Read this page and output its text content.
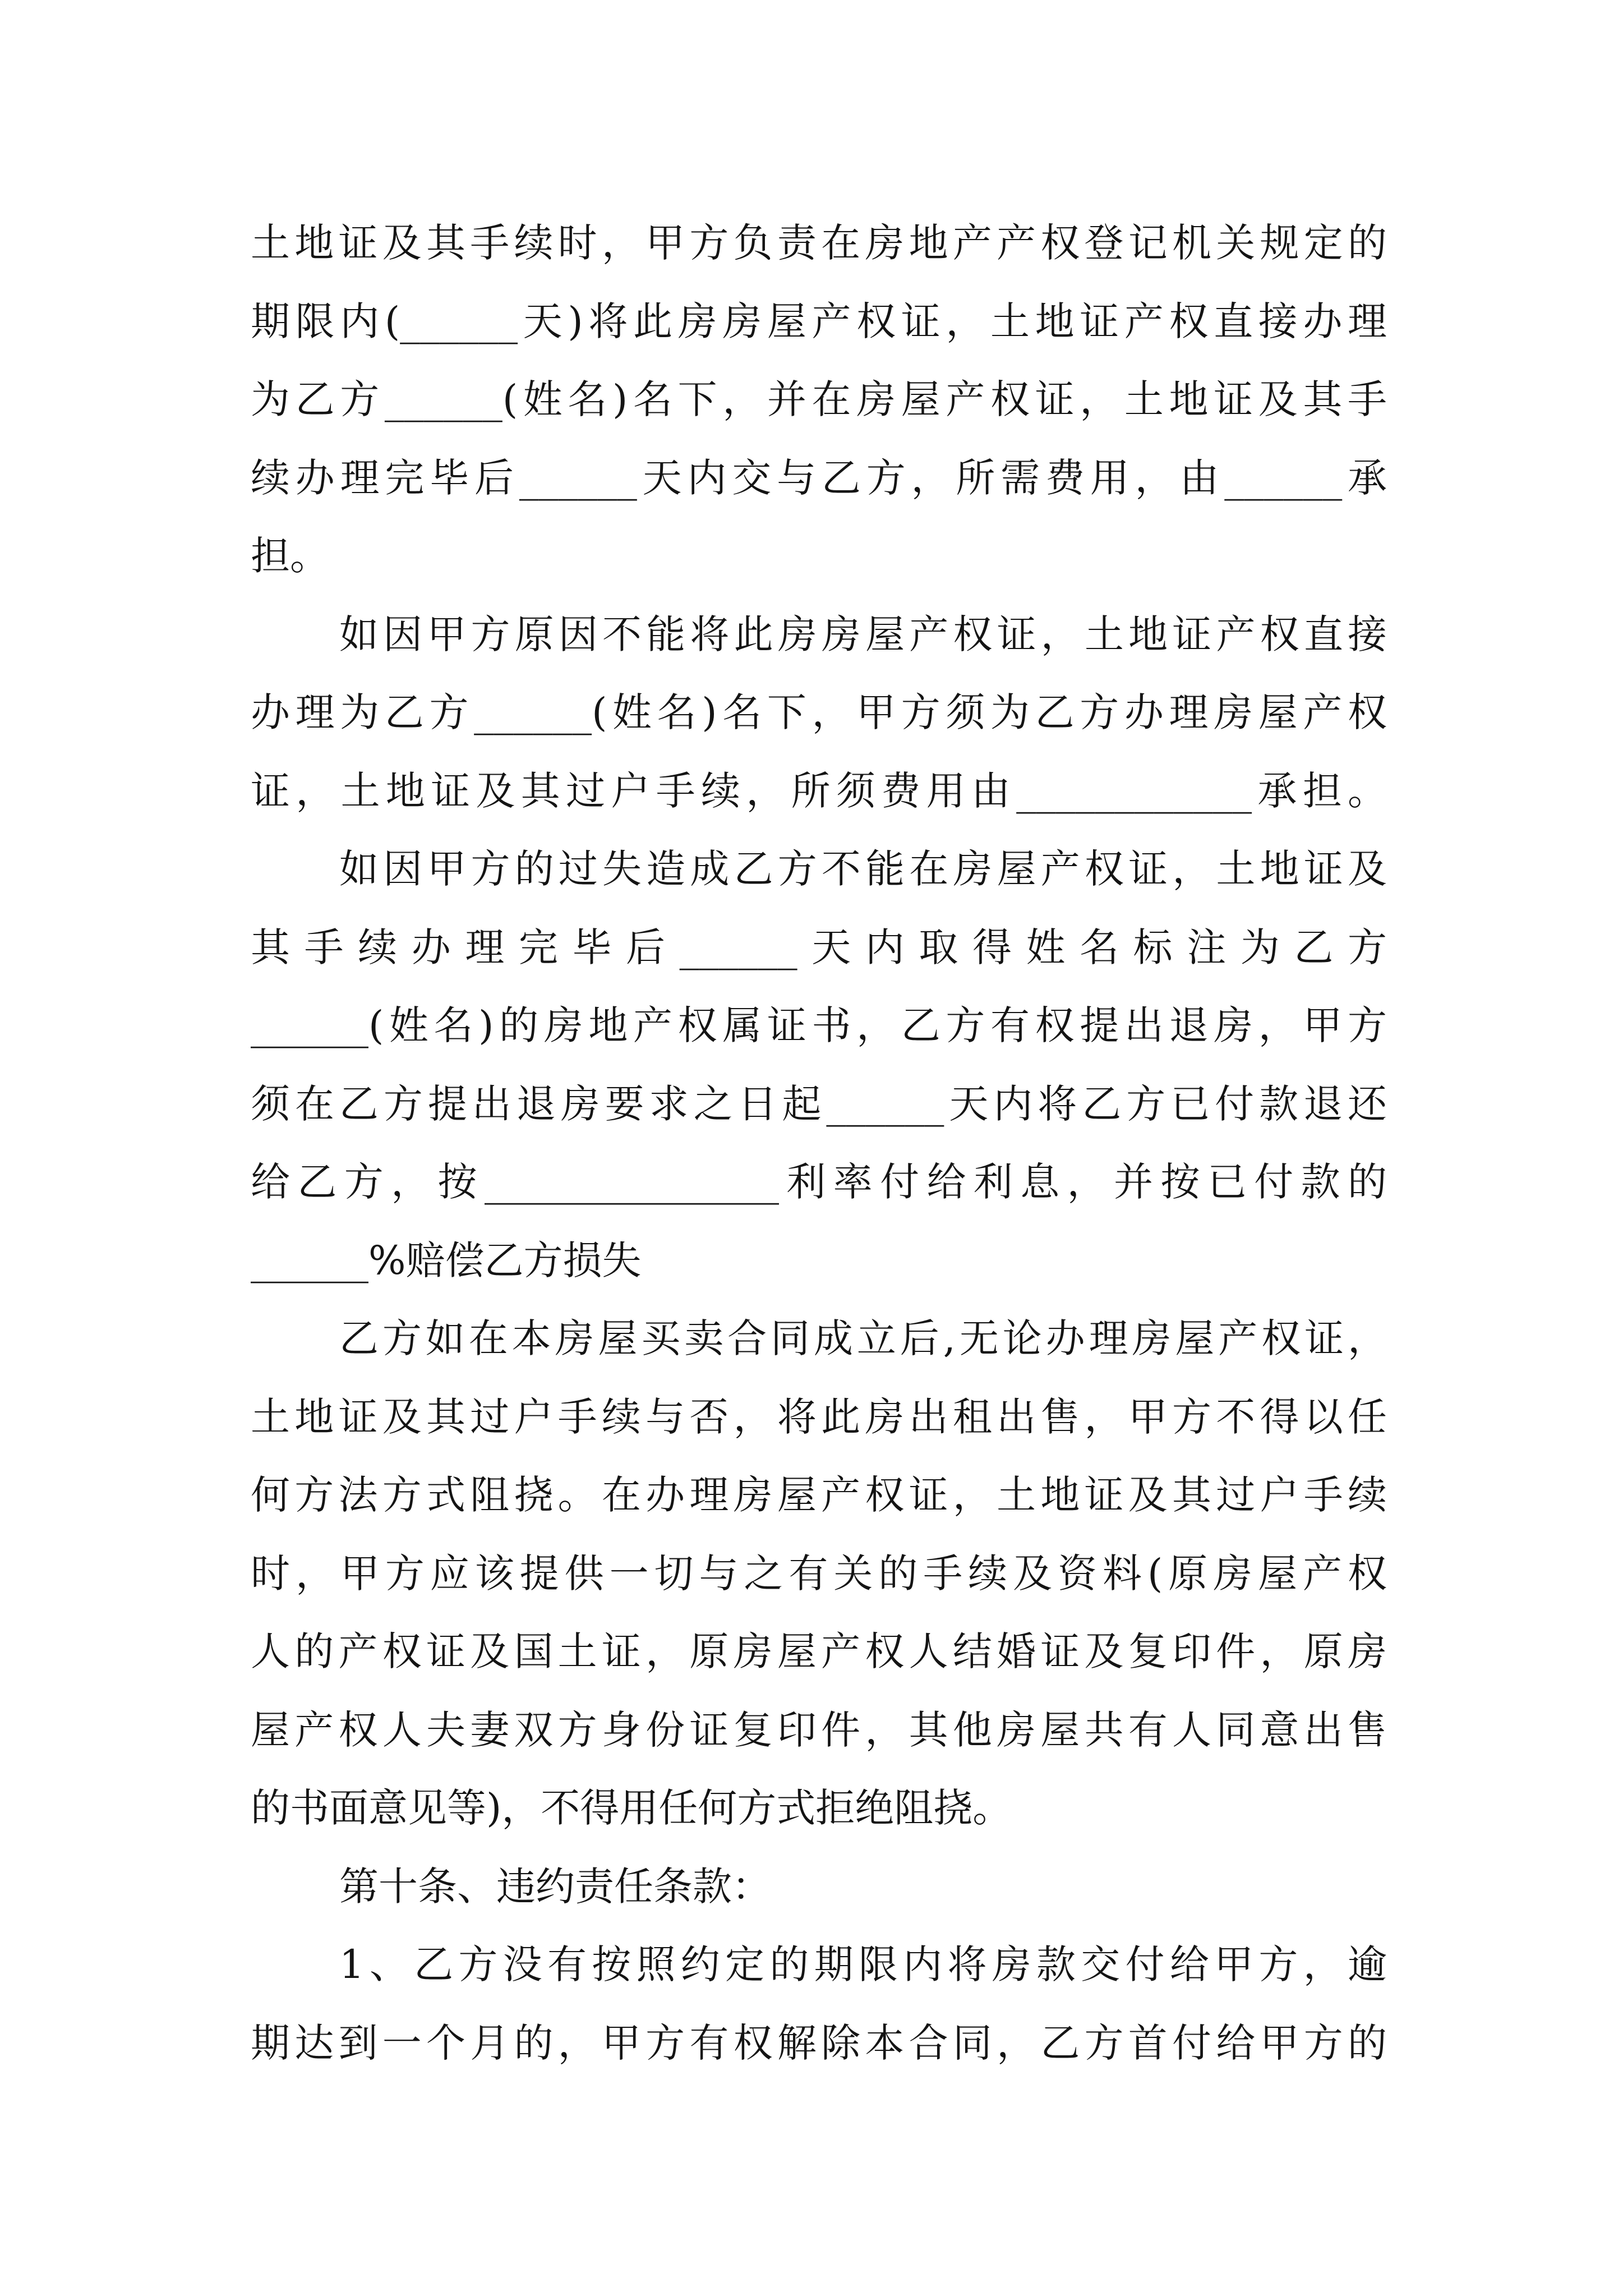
土地证及其手续时，甲方负责在房地产产权登记机关规定的
期限内(______天)将此房房屋产权证，土地证产权直接办理
为乙方______(姓名)名下，并在房屋产权证，土地证及其手
续办理完毕后______天内交与乙方，所需费用，由______承
担。
如因甲方原因不能将此房房屋产权证，土地证产权直接
办理为乙方______(姓名)名下，甲方须为乙方办理房屋产权
证，土地证及其过户手续，所须费用由____________承担。
如因甲方的过失造成乙方不能在房屋产权证，土地证及
其手续办理完毕后______天内取得姓名标注为乙方
______(姓名)的房地产权属证书，乙方有权提出退房，甲方
须在乙方提出退房要求之日起______天内将乙方已付款退还
给乙方，按_______________利率付给利息，并按已付款的
______%赔偿乙方损失
乙方如在本房屋买卖合同成立后,无论办理房屋产权证，
土地证及其过户手续与否，将此房出租出售，甲方不得以任
何方法方式阻挠。在办理房屋产权证，土地证及其过户手续
时，甲方应该提供一切与之有关的手续及资料(原房屋产权
人的产权证及国土证，原房屋产权人结婚证及复印件，原房
屋产权人夫妻双方身份证复印件，其他房屋共有人同意出售
的书面意见等)，不得用任何方式拒绝阻挠。
第十条、违约责任条款：
1、乙方没有按照约定的期限内将房款交付给甲方，逾
期达到一个月的，甲方有权解除本合同，乙方首付给甲方的
